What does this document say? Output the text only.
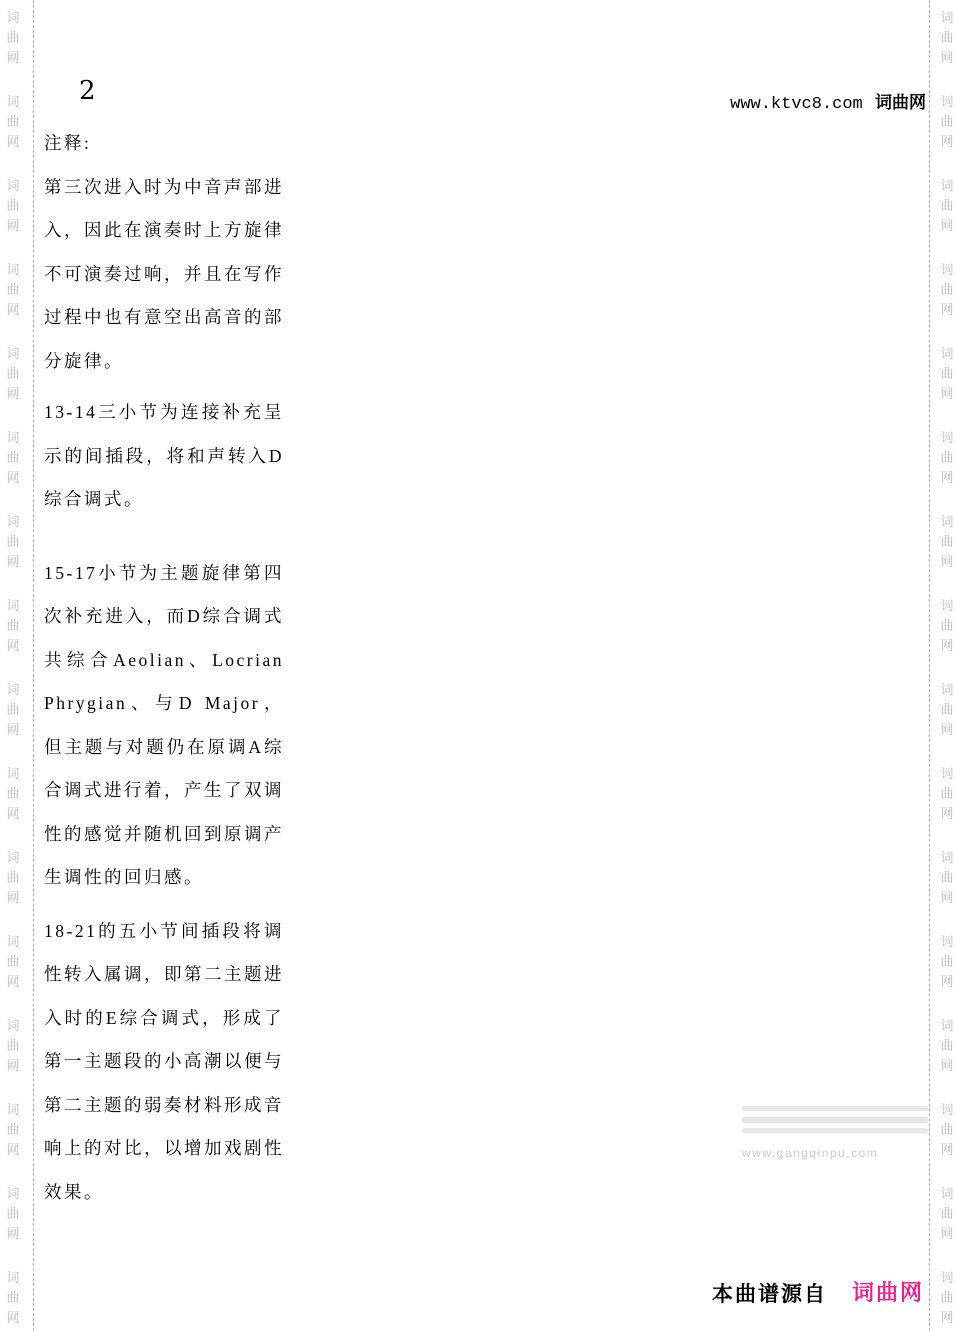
词
曲
网
词
曲
网
词
曲
网
词
曲
网
词
曲
网
词
曲
网
词
曲
网
词
曲
网
词
曲
网
词
曲
网
词
曲
网
词
曲
网
词
曲
网
词
曲
网
词
曲
网
词
曲
网
词
曲
网
词
曲
网
词
曲
网
词
曲
网
词
曲
网
词
曲
网
词
曲
网
词
曲
网
词
曲
网
词
曲
网
词
曲
网
词
曲
网
词
曲
网
词
曲
网
词
曲
网
词
曲
网
2	www.ktvc8.com 词曲网

注释:

第三次进入时为中音声部进入，因此在演奏时上方旋律不可演奏过响，并且在写作过程中也有意空出高音的部分旋律。

13-14三小节为连接补充呈示的间插段，将和声转入D综合调式。

15-17小节为主题旋律第四次补充进入，而D综合调式共综合Aeolian、Locrian Phrygian、与D Major，但主题与对题仍在原调A综合调式进行着，产生了双调性的感觉并随机回到原调产生调性的回归感。

18-21的五小节间插段将调性转入属调，即第二主题进入时的E综合调式，形成了第一主题段的小高潮以便与第二主题的弱奏材料形成音响上的对比，以增加戏剧性效果。

www.gangqinpu.com
本曲谱源自 词曲网
